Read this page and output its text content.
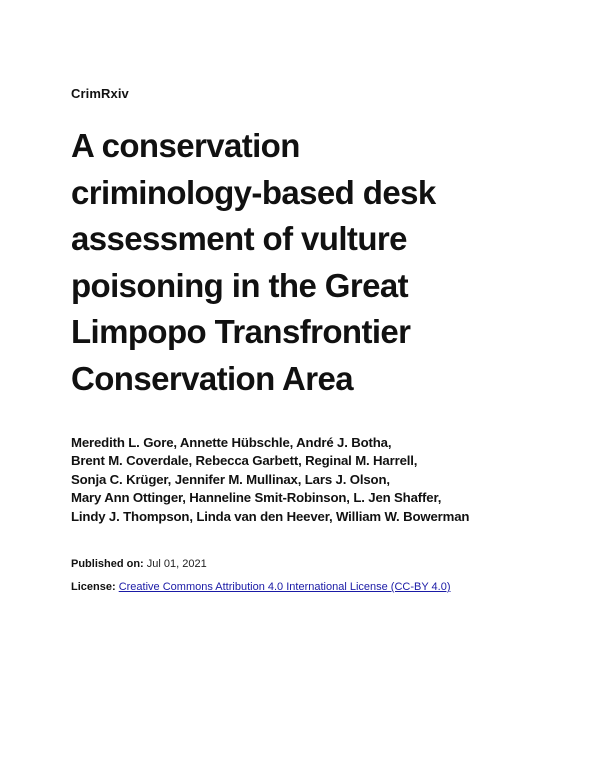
CrimRxiv
A conservation
criminology-based desk
assessment of vulture
poisoning in the Great
Limpopo Transfrontier
Conservation Area
Meredith L. Gore, Annette Hübschle, André J. Botha,
Brent M. Coverdale, Rebecca Garbett, Reginal M. Harrell,
Sonja C. Krüger, Jennifer M. Mullinax, Lars J. Olson,
Mary Ann Ottinger, Hanneline Smit-Robinson, L. Jen Shaffer,
Lindy J. Thompson, Linda van den Heever, William W. Bowerman
Published on: Jul 01, 2021
License: Creative Commons Attribution 4.0 International License (CC-BY 4.0)
